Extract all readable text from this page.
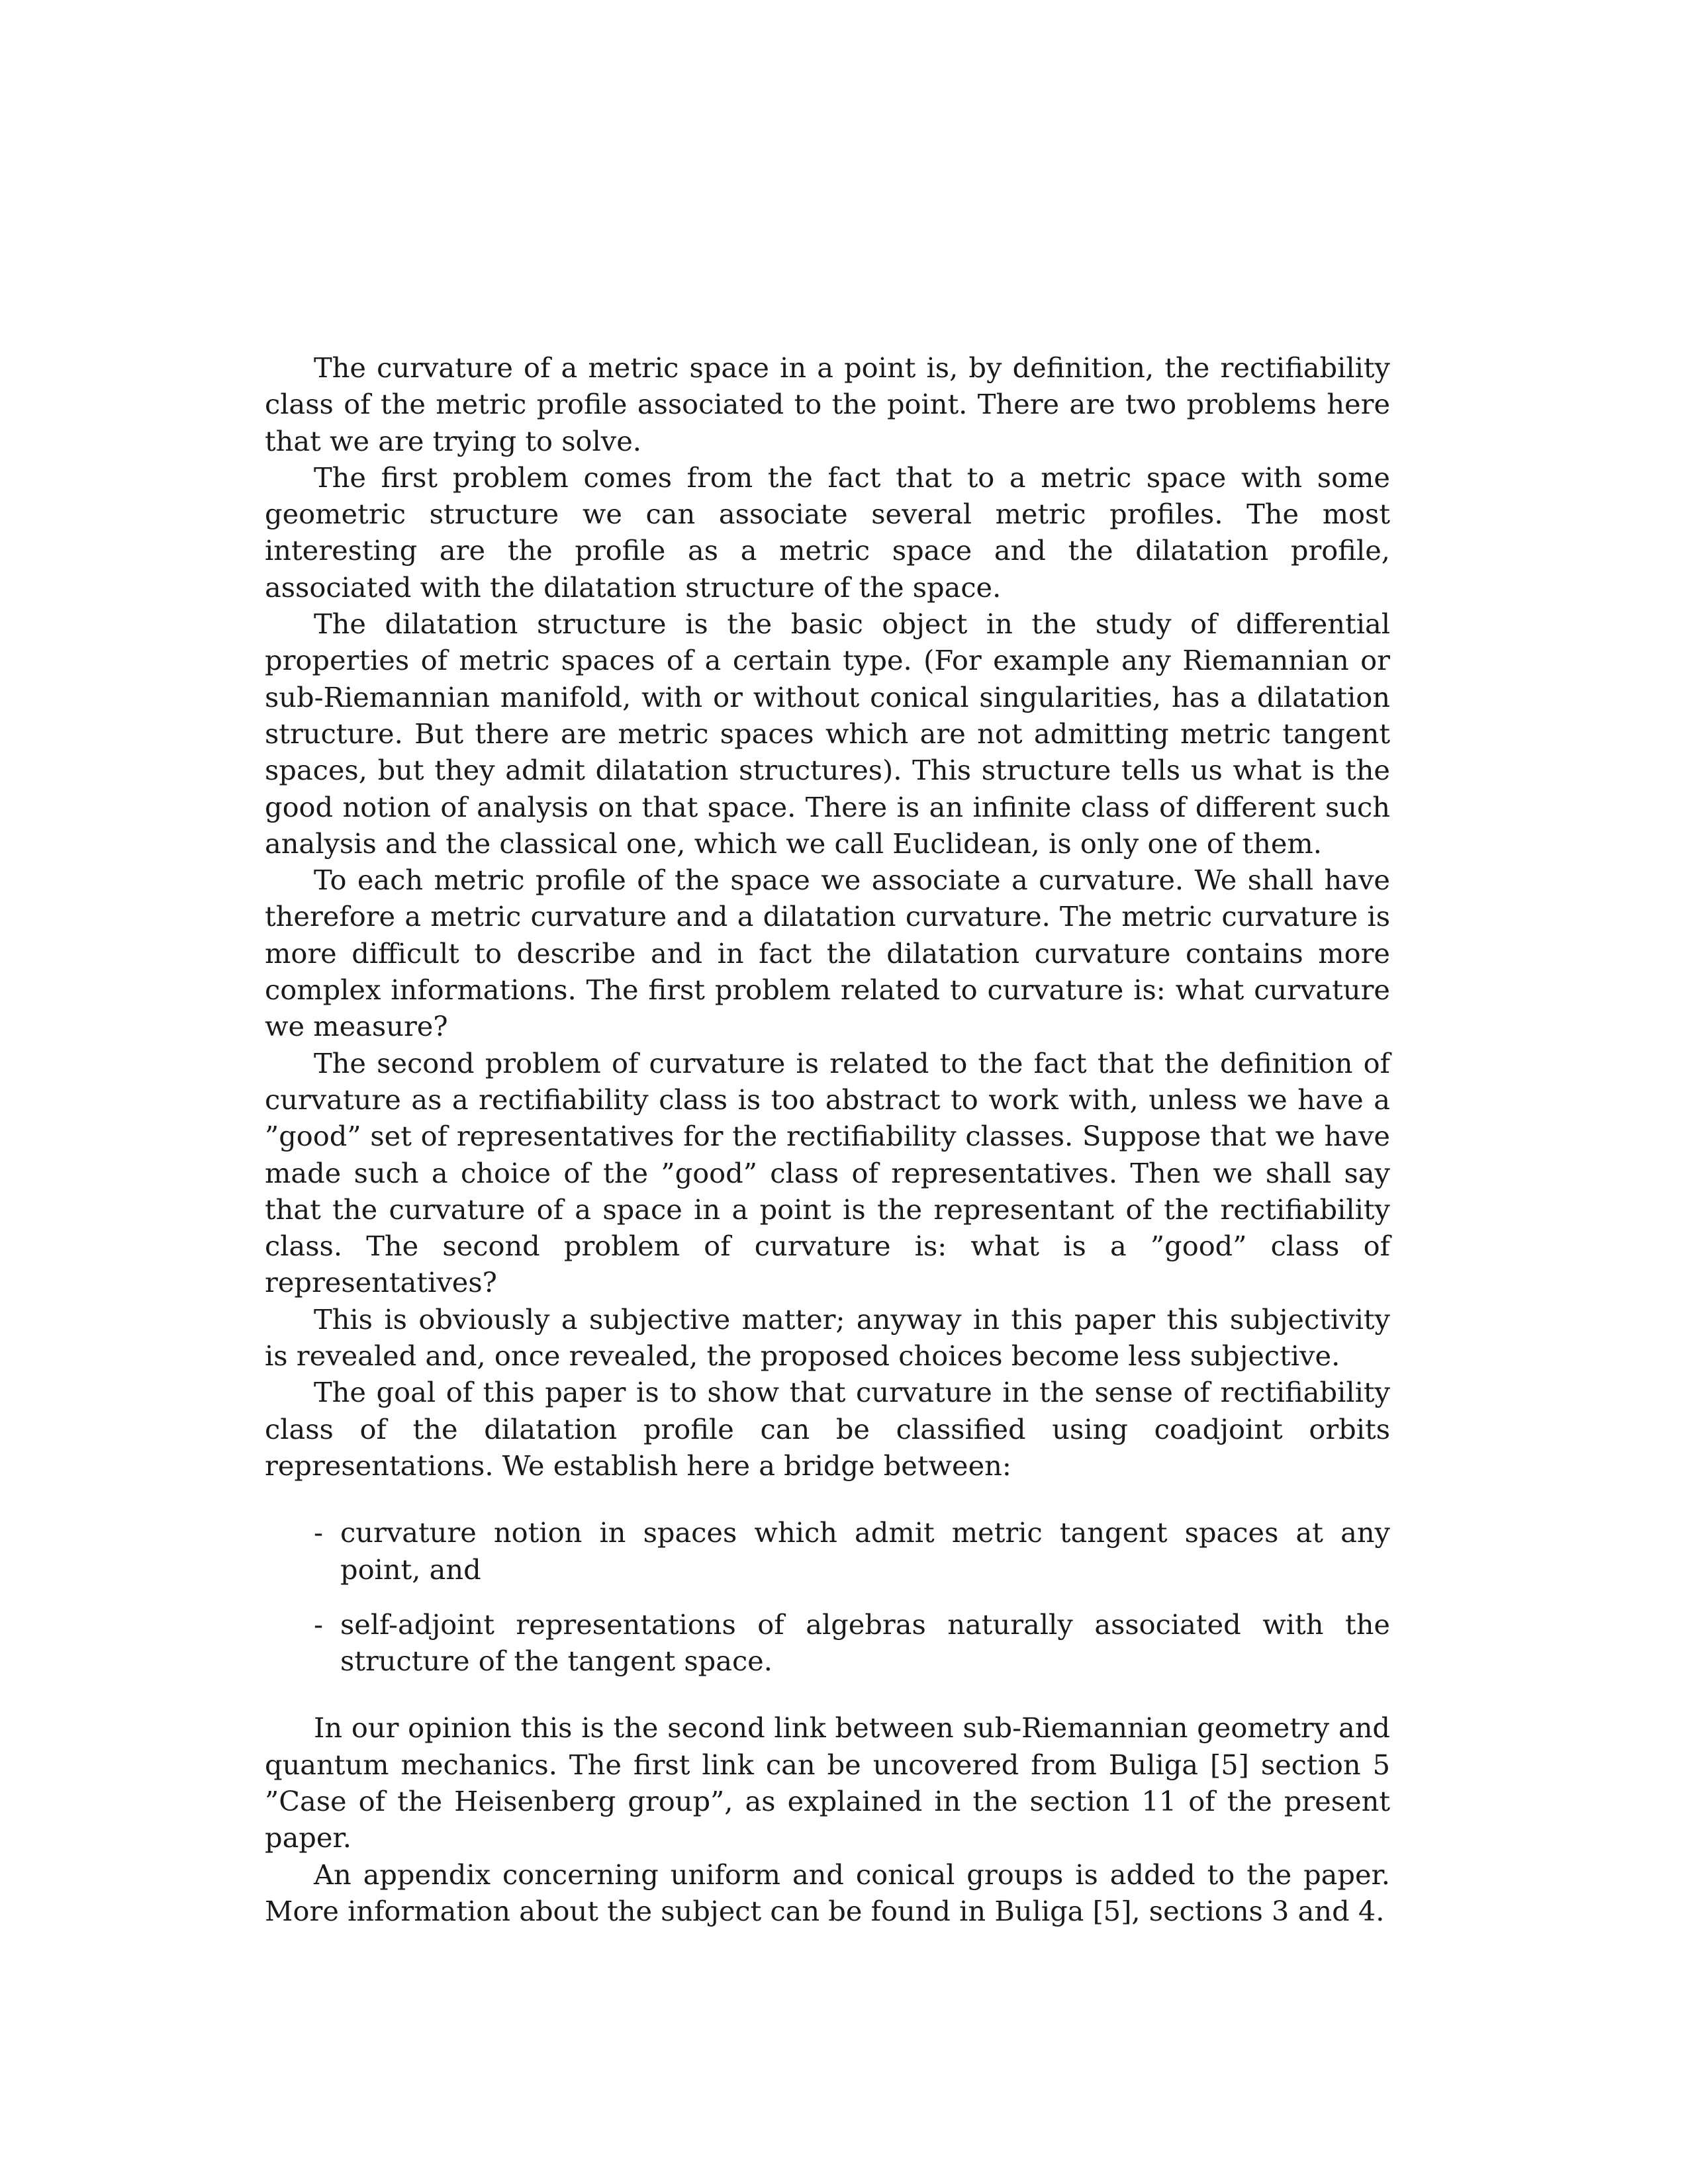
The curvature of a metric space in a point is, by definition, the rectifiability class of the metric profile associated to the point. There are two problems here that we are trying to solve.

The first problem comes from the fact that to a metric space with some geometric structure we can associate several metric profiles. The most interesting are the profile as a metric space and the dilatation profile, associated with the dilatation structure of the space.

The dilatation structure is the basic object in the study of differential properties of metric spaces of a certain type. (For example any Riemannian or sub-Riemannian manifold, with or without conical singularities, has a dilatation structure. But there are metric spaces which are not admitting metric tangent spaces, but they admit dilatation structures). This structure tells us what is the good notion of analysis on that space. There is an infinite class of different such analysis and the classical one, which we call Euclidean, is only one of them.

To each metric profile of the space we associate a curvature. We shall have therefore a metric curvature and a dilatation curvature. The metric curvature is more difficult to describe and in fact the dilatation curvature contains more complex informations. The first problem related to curvature is: what curvature we measure?

The second problem of curvature is related to the fact that the definition of curvature as a rectifiability class is too abstract to work with, unless we have a ”good” set of representatives for the rectifiability classes. Suppose that we have made such a choice of the ”good” class of representatives. Then we shall say that the curvature of a space in a point is the representant of the rectifiability class. The second problem of curvature is: what is a ”good” class of representatives?

This is obviously a subjective matter; anyway in this paper this subjectivity is revealed and, once revealed, the proposed choices become less subjective.

The goal of this paper is to show that curvature in the sense of rectifiability class of the dilatation profile can be classified using coadjoint orbits representations. We establish here a bridge between:

- curvature notion in spaces which admit metric tangent spaces at any point, and
- self-adjoint representations of algebras naturally associated with the structure of the tangent space.

In our opinion this is the second link between sub-Riemannian geometry and quantum mechanics. The first link can be uncovered from Buliga [5] section 5 ”Case of the Heisenberg group”, as explained in the section 11 of the present paper.

An appendix concerning uniform and conical groups is added to the paper. More information about the subject can be found in Buliga [5], sections 3 and 4.
